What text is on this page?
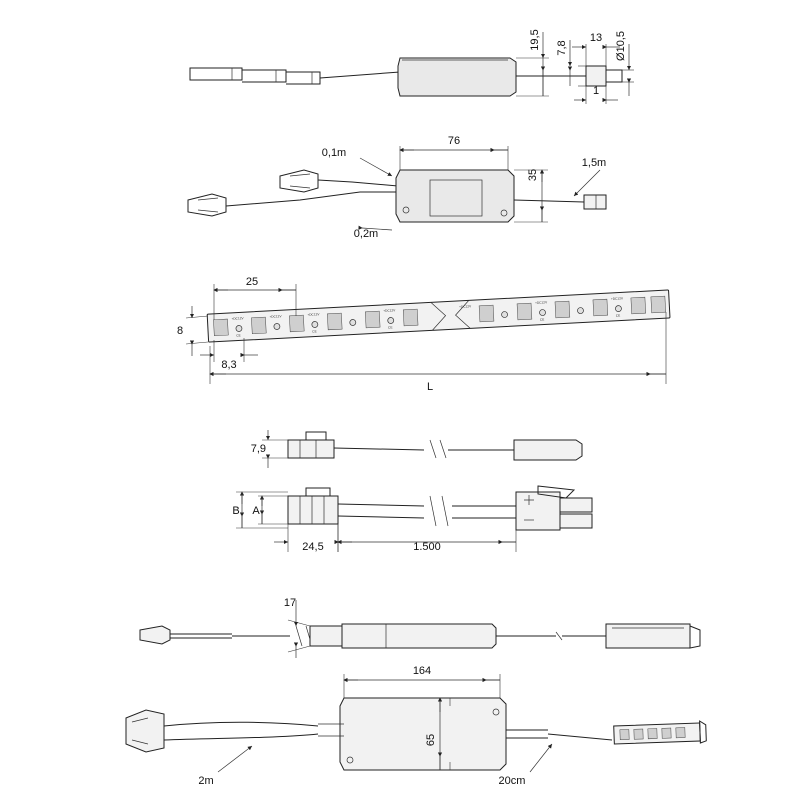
19,5 7,8
13 Ø10,5
1
0,1m
0,2m
1,5m
76
35
+DC12V	+DC12V	+DC12V
+DC12V
+DC12V
+DC12V
+DC12V
CE
CE
CE
CE
CE
25
8
8,3
L
7,9
B A
24,5	1.500
17
164
65
2m	20cm
